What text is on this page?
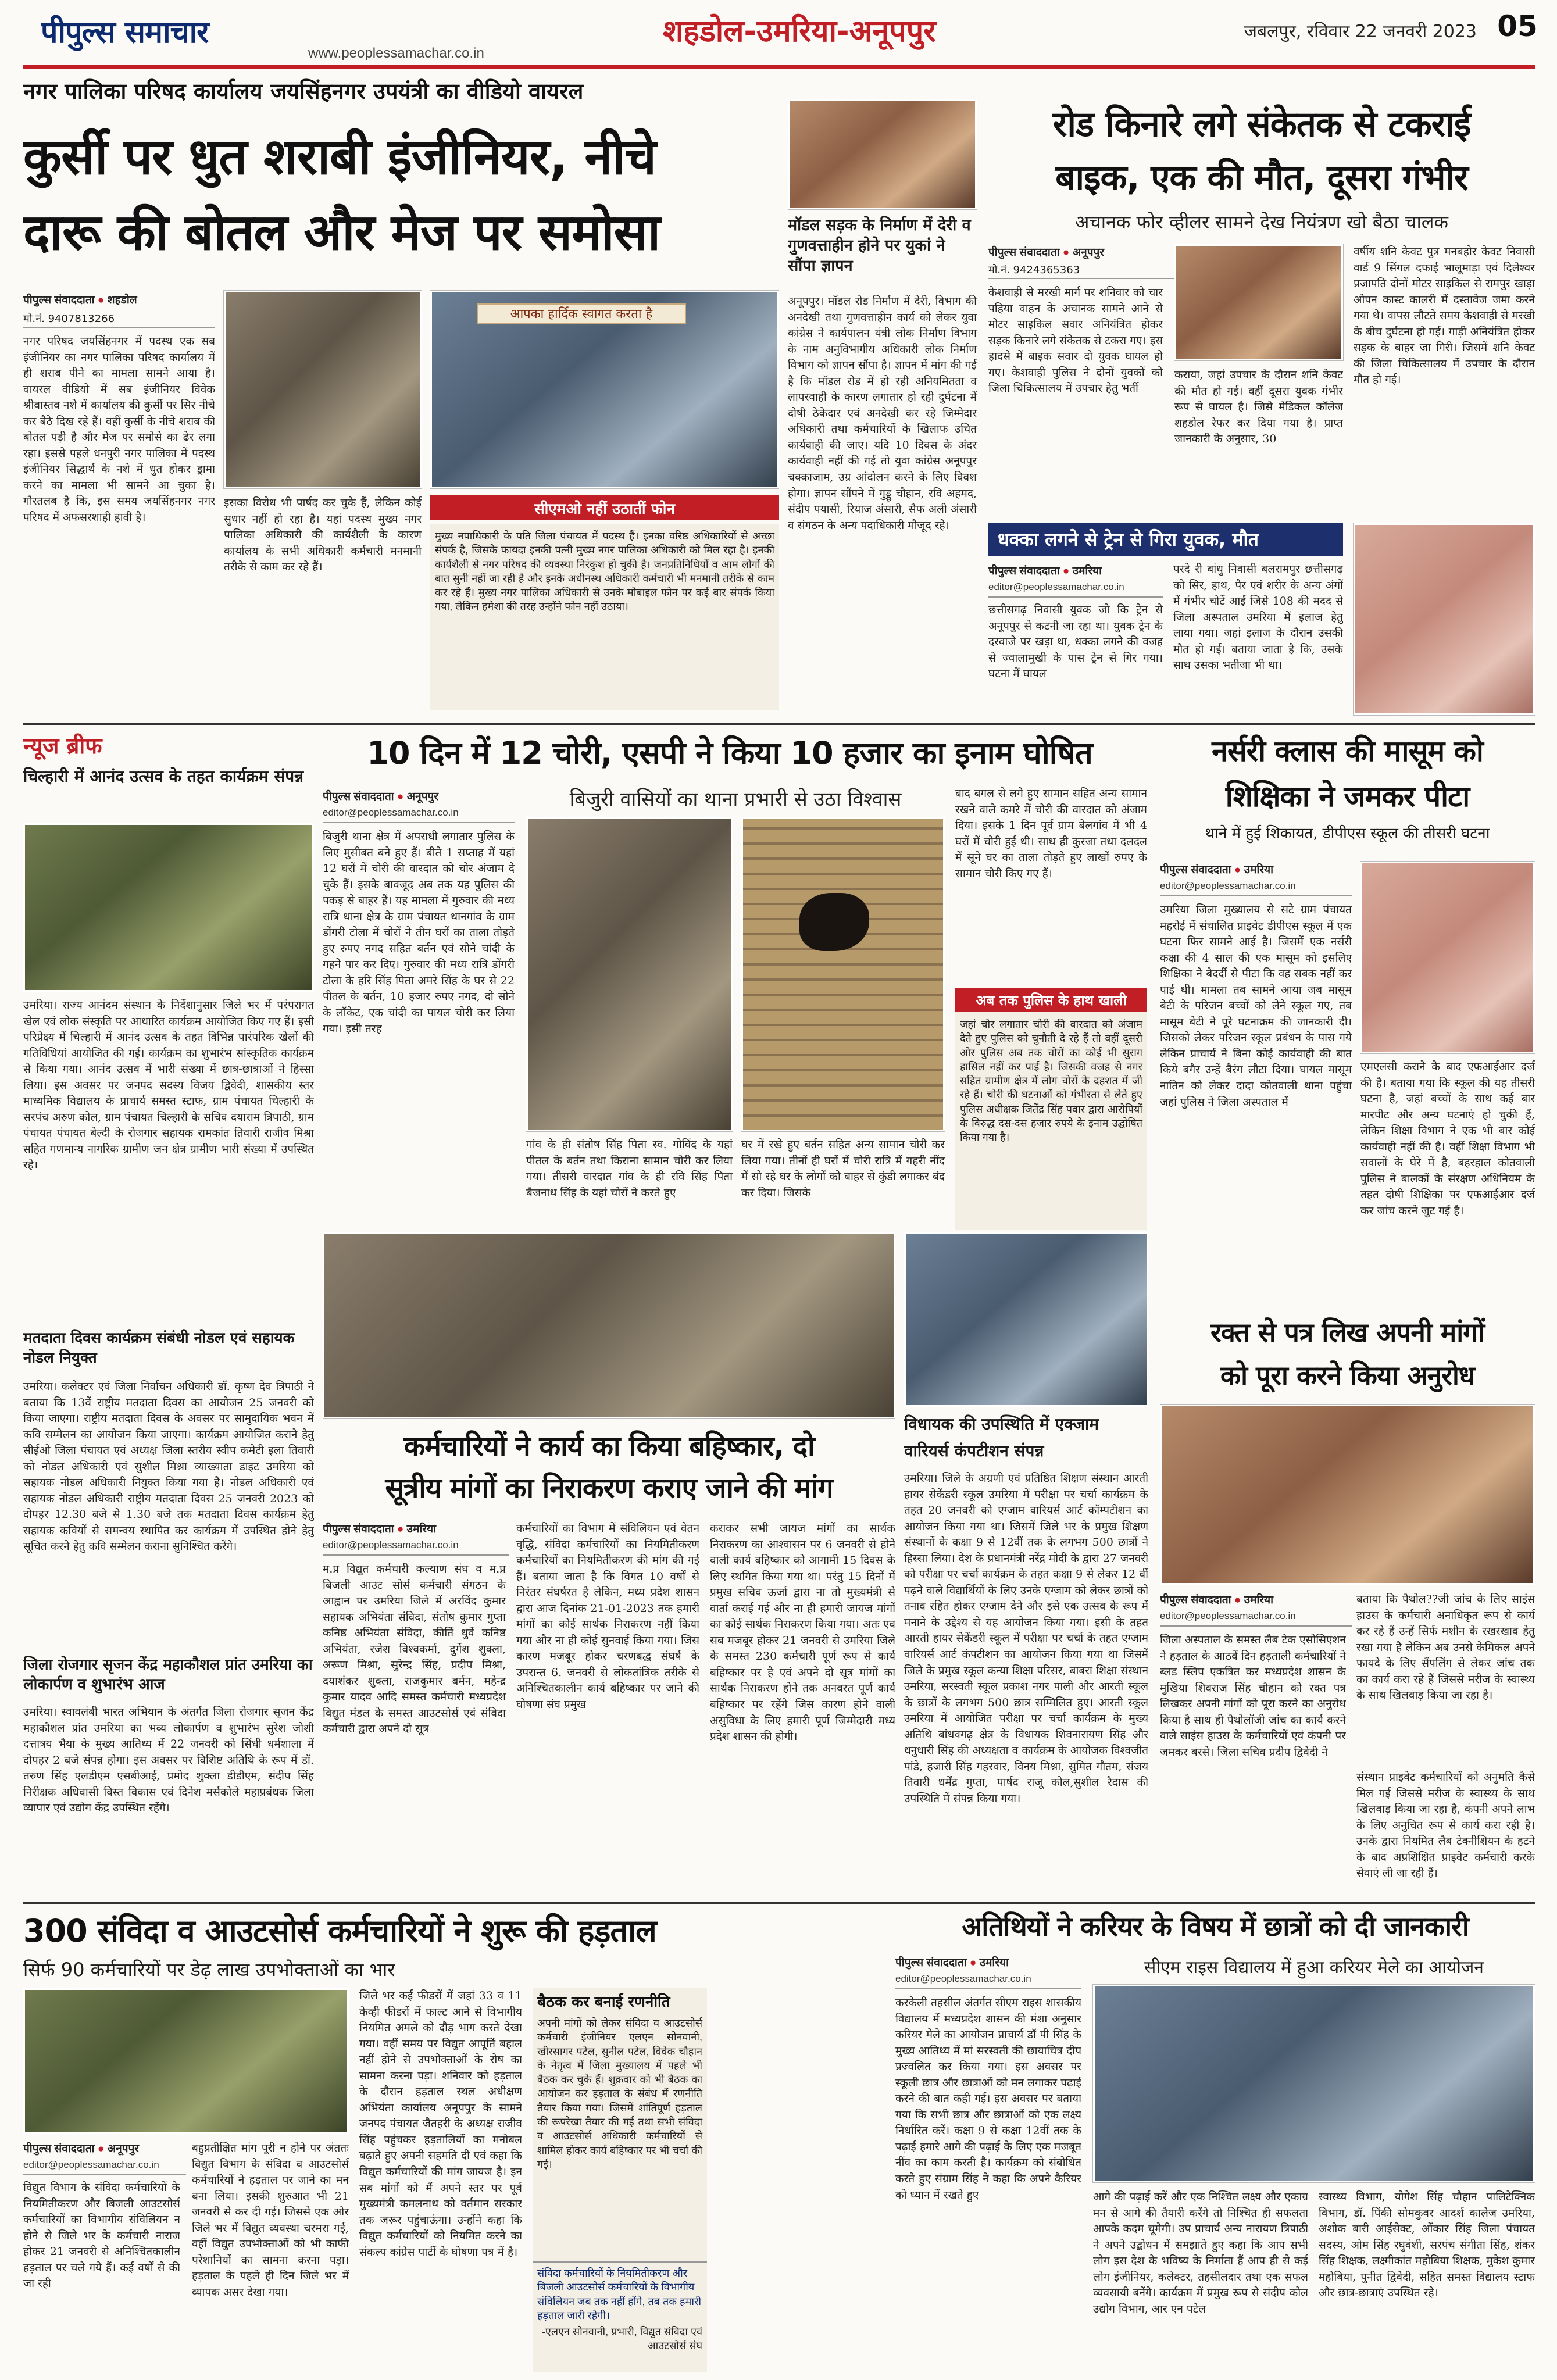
पीपुल्स समाचार
www.peoplessamachar.co.in
शहडोल-उमरिया-अनूपपुर	जबलपुर, रविवार 22 जनवरी 2023 05
नगर पालिका परिषद कार्यालय जयसिंहनगर उपयंत्री का वीडियो वायरल
कुर्सी पर धुत शराबी इंजीनियर, नीचे
दारू की बोतल और मेज पर समोसा
पीपुल्स संवाददाता ● शहडोल
मो.नं. 9407813266
नगर परिषद जयसिंहनगर में पदस्थ एक सब इंजीनियर का नगर पालिका परिषद कार्यालय में ही शराब पीने का मामला सामने आया है। वायरल वीडियो में सब इंजीनियर विवेक श्रीवास्तव नशे में कार्यालय की कुर्सी पर सिर नीचे कर बैठे दिख रहे हैं। वहीं कुर्सी के नीचे शराब की बोतल पड़ी है और मेज पर समोसे का ढेर लगा रहा। इससे पहले धनपुरी नगर पालिका में पदस्थ इंजीनियर सिद्धार्थ के नशे में धुत होकर ड्रामा करने का मामला भी सामने आ चुका है। गौरतलब है कि, इस समय जयसिंहनगर नगर परिषद में अफसरशाही हावी है।
आपका हार्दिक स्वागत करता है
इसका विरोध भी पार्षद कर चुके हैं, लेकिन कोई सुधार नहीं हो रहा है। यहां पदस्थ मुख्य नगर पालिका अधिकारी की कार्यशैली के कारण कार्यालय के सभी अधिकारी कर्मचारी मनमानी तरीके से काम कर रहे हैं।
सीएमओ नहीं उठातीं फोन
मुख्य नपाधिकारी के पति जिला पंचायत में पदस्थ हैं। इनका वरिष्ठ अधिकारियों से अच्छा संपर्क है, जिसके फायदा इनकी पत्नी मुख्य नगर पालिका अधिकारी को मिल रहा है। इनकी कार्यशैली से नगर परिषद की व्यवस्था निरंकुश हो चुकी है। जनप्रतिनिधियों व आम लोगों की बात सुनी नहीं जा रही है और इनके अधीनस्थ अधिकारी कर्मचारी भी मनमानी तरीके से काम कर रहे हैं। मुख्य नगर पालिका अधिकारी से उनके मोबाइल फोन पर कई बार संपर्क किया गया, लेकिन हमेशा की तरह उन्होंने फोन नहीं उठाया।
मॉडल सड़क के निर्माण में देरी व गुणवत्ताहीन होने पर युकां ने सौंपा ज्ञापन
अनूपपुर। मॉडल रोड निर्माण में देरी, विभाग की अनदेखी तथा गुणवत्ताहीन कार्य को लेकर युवा कांग्रेस ने कार्यपालन यंत्री लोक निर्माण विभाग के नाम अनुविभागीय अधिकारी लोक निर्माण विभाग को ज्ञापन सौंपा है। ज्ञापन में मांग की गई है कि मॉडल रोड में हो रही अनियमितता व लापरवाही के कारण लगातार हो रही दुर्घटना में दोषी ठेकेदार एवं अनदेखी कर रहे जिम्मेदार अधिकारी तथा कर्मचारियों के खिलाफ उचित कार्यवाही की जाए। यदि 10 दिवस के अंदर कार्यवाही नहीं की गई तो युवा कांग्रेस अनूपपुर चक्काजाम, उग्र आंदोलन करने के लिए विवश होगा। ज्ञापन सौंपने में गुड्डू चौहान, रवि अहमद, संदीप पयासी, रियाज अंसारी, सैफ अली अंसारी व संगठन के अन्य पदाधिकारी मौजूद रहे।
रोड किनारे लगे संकेतक से टकराई
बाइक, एक की मौत, दूसरा गंभीर
अचानक फोर व्हीलर सामने देख नियंत्रण खो बैठा चालक
पीपुल्स संवाददाता ● अनूपपुर
मो.नं. 9424365363
केशवाही से मरखी मार्ग पर शनिवार को चार पहिया वाहन के अचानक सामने आने से मोटर साइकिल सवार अनियंत्रित होकर सड़क किनारे लगे संकेतक से टकरा गए। इस हादसे में बाइक सवार दो युवक घायल हो गए। केशवाही पुलिस ने दोनों युवकों को जिला चिकित्सालय में उपचार हेतु भर्ती
कराया, जहां उपचार के दौरान शनि केवट की मौत हो गई। वहीं दूसरा युवक गंभीर रूप से घायल है। जिसे मेडिकल कॉलेज शहडोल रेफर कर दिया गया है। प्राप्त जानकारी के अनुसार, 30
वर्षीय शनि केवट पुत्र मनबहोर केवट निवासी वार्ड 9 सिंगल दफाई भालूमाड़ा एवं दिलेश्वर प्रजापति दोनों मोटर साइकिल से रामपुर खाड़ा ओपन कास्ट कालरी में दस्तावेज जमा करने गया थे। वापस लौटते समय केशवाही से मरखी के बीच दुर्घटना हो गई। गाड़ी अनियंत्रित होकर सड़क के बाहर जा गिरी। जिसमें शनि केवट की जिला चिकित्सालय में उपचार के दौरान मौत हो गई।
धक्का लगने से ट्रेन से गिरा युवक, मौत
पीपुल्स संवाददाता ● उमरिया
editor@peoplessamachar.co.in
छत्तीसगढ़ निवासी युवक जो कि ट्रेन से अनूपपुर से कटनी जा रहा था। युवक ट्रेन के दरवाजे पर खड़ा था, धक्का लगने की वजह से ज्वालामुखी के पास ट्रेन से गिर गया। घटना में घायल
परदे री बांधु निवासी बलरामपुर छत्तीसगढ़ को सिर, हाथ, पैर एवं शरीर के अन्य अंगों में गंभीर चोटें आईं जिसे 108 की मदद से जिला अस्पताल उमरिया में इलाज हेतु लाया गया। जहां इलाज के दौरान उसकी मौत हो गई। बताया जाता है कि, उसके साथ उसका भतीजा भी था।
न्यूज ब्रीफ
चिल्हारी में आनंद उत्सव के तहत कार्यक्रम संपन्न
उमरिया। राज्य आनंदम संस्थान के निर्देशानुसार जिले भर में परंपरागत खेल एवं लोक संस्कृति पर आधारित कार्यक्रम आयोजित किए गए हैं। इसी परिप्रेक्ष्य में चिल्हारी में आनंद उत्सव के तहत विभिन्न पारंपरिक खेलों की गतिविधियां आयोजित की गई। कार्यक्रम का शुभारंभ सांस्कृतिक कार्यक्रम से किया गया। आनंद उत्सव में भारी संख्या में छात्र-छात्राओं ने हिस्सा लिया। इस अवसर पर जनपद सदस्य विजय द्विवेदी, शासकीय स्तर माध्यमिक विद्यालय के प्राचार्य समस्त स्टाफ, ग्राम पंचायत चिल्हारी के सरपंच अरुण कोल, ग्राम पंचायत चिल्हारी के सचिव दयाराम त्रिपाठी, ग्राम पंचायत पंचायत बेल्दी के रोजगार सहायक रामकांत तिवारी राजीव मिश्रा सहित गणमान्य नागरिक ग्रामीण जन क्षेत्र ग्रामीण भारी संख्या में उपस्थित रहे।
मतदाता दिवस कार्यक्रम संबंधी नोडल एवं सहायक नोडल नियुक्त
उमरिया। कलेक्टर एवं जिला निर्वाचन अधिकारी डॉ. कृष्ण देव त्रिपाठी ने बताया कि 13वें राष्ट्रीय मतदाता दिवस का आयोजन 25 जनवरी को किया जाएगा। राष्ट्रीय मतदाता दिवस के अवसर पर सामुदायिक भवन में कवि सम्मेलन का आयोजन किया जाएगा। कार्यक्रम आयोजित कराने हेतु सीईओ जिला पंचायत एवं अध्यक्ष जिला स्तरीय स्वीप कमेटी इला तिवारी को नोडल अधिकारी एवं सुशील मिश्रा व्याख्याता डाइट उमरिया को सहायक नोडल अधिकारी नियुक्त किया गया है। नोडल अधिकारी एवं सहायक नोडल अधिकारी राष्ट्रीय मतदाता दिवस 25 जनवरी 2023 को दोपहर 12.30 बजे से 1.30 बजे तक मतदाता दिवस कार्यक्रम हेतु सहायक कवियों से समन्वय स्थापित कर कार्यक्रम में उपस्थित होने हेतु सूचित करने हेतु कवि सम्मेलन कराना सुनिश्चित करेंगे।
जिला रोजगार सृजन केंद्र महाकौशल प्रांत उमरिया का लोकार्पण व शुभारंभ आज
उमरिया। स्वावलंबी भारत अभियान के अंतर्गत जिला रोजगार सृजन केंद्र महाकौशल प्रांत उमरिया का भव्य लोकार्पण व शुभारंभ सुरेश जोशी दत्तात्रय भैया के मुख्य आतिथ्य में 22 जनवरी को सिंधी धर्मशाला में दोपहर 2 बजे संपन्न होगा। इस अवसर पर विशिष्ट अतिथि के रूप में डॉ. तरुण सिंह एलडीएम एसबीआई, प्रमोद शुक्ला डीडीएम, संदीप सिंह निरीक्षक अधिवासी विस्त विकास एवं दिनेश मर्सकोले महाप्रबंधक जिला व्यापार एवं उद्योग केंद्र उपस्थित रहेंगे।
10 दिन में 12 चोरी, एसपी ने किया 10 हजार का इनाम घोषित
पीपुल्स संवाददाता ● अनूपपुर
editor@peoplessamachar.co.in
बिजुरी वासियों का थाना प्रभारी से उठा विश्वास
बिजुरी थाना क्षेत्र में अपराधी लगातार पुलिस के लिए मुसीबत बने हुए हैं। बीते 1 सप्ताह में यहां 12 घरों में चोरी की वारदात को चोर अंजाम दे चुके हैं। इसके बावजूद अब तक यह पुलिस की पकड़ से बाहर हैं। यह मामला में गुरुवार की मध्य रात्रि थाना क्षेत्र के ग्राम पंचायत थानगांव के ग्राम डोंगरी टोला में चोरों ने तीन घरों का ताला तोड़ते हुए रुपए नगद सहित बर्तन एवं सोने चांदी के गहने पार कर दिए। गुरुवार की मध्य रात्रि डोंगरी टोला के हरि सिंह पिता अमरे सिंह के घर से 22 पीतल के बर्तन, 10 हजार रुपए नगद, दो सोने के लॉकेट, एक चांदी का पायल चोरी कर लिया गया। इसी तरह
गांव के ही संतोष सिंह पिता स्व. गोविंद के यहां पीतल के बर्तन तथा किराना सामान चोरी कर लिया गया। तीसरी वारदात गांव के ही रवि सिंह पिता बैजनाथ सिंह के यहां चोरों ने करते हुए
घर में रखे हुए बर्तन सहित अन्य सामान चोरी कर लिया गया। तीनों ही घरों में चोरी रात्रि में गहरी नींद में सो रहे घर के लोगों को बाहर से कुंडी लगाकर बंद कर दिया। जिसके
बाद बगल से लगे हुए सामान सहित अन्य सामान रखने वाले कमरे में चोरी की वारदात को अंजाम दिया। इसके 1 दिन पूर्व ग्राम बेलगांव में भी 4 घरों में चोरी हुई थी। साथ ही कुरजा तथा दलदल में सूने घर का ताला तोड़ते हुए लाखों रुपए के सामान चोरी किए गए हैं।
अब तक पुलिस के हाथ खाली
जहां चोर लगातार चोरी की वारदात को अंजाम देते हुए पुलिस को चुनौती दे रहे हैं तो वहीं दूसरी ओर पुलिस अब तक चोरों का कोई भी सुराग हासिल नहीं कर पाई है। जिसकी वजह से नगर सहित ग्रामीण क्षेत्र में लोग चोरों के दहशत में जी रहे हैं। चोरी की घटनाओं को गंभीरता से लेते हुए पुलिस अधीक्षक जितेंद्र सिंह पवार द्वारा आरोपियों के विरुद्ध दस-दस हजार रुपये के इनाम उद्घोषित किया गया है।
नर्सरी क्लास की मासूम को
शिक्षिका ने जमकर पीटा
थाने में हुई शिकायत, डीपीएस स्कूल की तीसरी घटना
पीपुल्स संवाददाता ● उमरिया
editor@peoplessamachar.co.in
उमरिया जिला मुख्यालय से सटे ग्राम पंचायत महरोई में संचालित प्राइवेट डीपीएस स्कूल में एक घटना फिर सामने आई है। जिसमें एक नर्सरी कक्षा की 4 साल की एक मासूम को इसलिए शिक्षिका ने बेदर्दी से पीटा कि वह सबक नहीं कर पाई थी। मामला तब सामने आया जब मासूम बेटी के परिजन बच्चों को लेने स्कूल गए, तब मासूम बेटी ने पूरे घटनाक्रम की जानकारी दी। जिसको लेकर परिजन स्कूल प्रबंधन के पास गये लेकिन प्राचार्य ने बिना कोई कार्यवाही की बात किये बगैर उन्हें बैरंग लौटा दिया। घायल मासूम नातिन को लेकर दादा कोतवाली थाना पहुंचा जहां पुलिस ने जिला अस्पताल में
एमएलसी कराने के बाद एफआईआर दर्ज की है। बताया गया कि स्कूल की यह तीसरी घटना है, जहां बच्चों के साथ कई बार मारपीट और अन्य घटनाएं हो चुकी हैं, लेकिन शिक्षा विभाग ने एक भी बार कोई कार्यवाही नहीं की है। वहीं शिक्षा विभाग भी सवालों के घेरे में है, बहरहाल कोतवाली पुलिस ने बालकों के संरक्षण अधिनियम के तहत दोषी शिक्षिका पर एफआईआर दर्ज कर जांच करने जुट गई है।
विधायक की उपस्थिति में एक्जाम
वारियर्स कंपटीशन संपन्न
उमरिया। जिले के अग्रणी एवं प्रतिष्ठित शिक्षण संस्थान आरती हायर सेकेंडरी स्कूल उमरिया में परीक्षा पर चर्चा कार्यक्रम के तहत 20 जनवरी को एग्जाम वारियर्स आर्ट कॉम्पटीशन का आयोजन किया गया था। जिसमें जिले भर के प्रमुख शिक्षण संस्थानों के कक्षा 9 से 12वीं तक के लगभग 500 छात्रों ने हिस्सा लिया। देश के प्रधानमंत्री नरेंद्र मोदी के द्वारा 27 जनवरी को परीक्षा पर चर्चा कार्यक्रम के तहत कक्षा 9 से लेकर 12 वीं पढ़ने वाले विद्यार्थियों के लिए उनके एग्जाम को लेकर छात्रों को तनाव रहित होकर एग्जाम देने और इसे एक उत्सव के रूप में मनाने के उद्देश्य से यह आयोजन किया गया। इसी के तहत आरती हायर सेकेंडरी स्कूल में परीक्षा पर चर्चा के तहत एग्जाम वारियर्स आर्ट कंपटीशन का आयोजन किया गया था जिसमें जिले के प्रमुख स्कूल कन्या शिक्षा परिसर, बाबरा शिक्षा संस्थान उमरिया, सरस्वती स्कूल प्रकाश नगर पाली और आरती स्कूल के छात्रों के लगभग 500 छात्र सम्मिलित हुए। आरती स्कूल उमरिया में आयोजित परीक्षा पर चर्चा कार्यक्रम के मुख्य अतिथि बांधवगढ़ क्षेत्र के विधायक शिवनारायण सिंह और धनुधारी सिंह की अध्यक्षता व कार्यक्रम के आयोजक विश्वजीत पांडे, हजारी सिंह गहरवार, विनय मिश्रा, सुमित गौतम, संजय तिवारी धर्मेंद्र गुप्ता, पार्षद राजू कोल,सुशील रैदास की उपस्थिति में संपन्न किया गया।
कर्मचारियों ने कार्य का किया बहिष्कार, दो
सूत्रीय मांगों का निराकरण कराए जाने की मांग
पीपुल्स संवाददाता ● उमरिया
editor@peoplessamachar.co.in
म.प्र विद्युत कर्मचारी कल्याण संघ व म.प्र बिजली आउट सोर्स कर्मचारी संगठन के आह्वान पर उमरिया जिले में अरविंद कुमार सहायक अभियंता संविदा, संतोष कुमार गुप्ता कनिष्ठ अभियंता संविदा, कीर्ति धुर्वे कनिष्ठ अभियंता, रजेश विश्वकर्मा, दुर्गेश शुक्ला, अरूण मिश्रा, सुरेन्द्र सिंह, प्रदीप मिश्रा, दयाशंकर शुक्ला, राजकुमार बर्मन, महेन्द्र कुमार यादव आदि समस्त कर्मचारी मध्यप्रदेश विद्युत मंडल के समस्त आउटसोर्स एवं संविदा कर्मचारी द्वारा अपने दो सूत्र
कर्मचारियों का विभाग में संविलियन एवं वेतन वृद्धि, संविदा कर्मचारियों का नियमितीकरण कर्मचारियों का नियमितीकरण की मांग की गई हैं। बताया जाता है कि विगत 10 वर्षों से निरंतर संघर्षरत है लेकिन, मध्य प्रदेश शासन द्वारा आज दिनांक 21-01-2023 तक हमारी मांगों का कोई सार्थक निराकरण नहीं किया गया और ना ही कोई सुनवाई किया गया। जिस कारण मजबूर होकर चरणबद्ध संघर्ष के उपरान्त 6. जनवरी से लोकतांत्रिक तरीके से अनिश्चितकालीन कार्य बहिष्कार पर जाने की घोषणा संघ प्रमुख
कराकर सभी जायज मांगों का सार्थक निराकरण का आश्वासन पर 6 जनवरी से होने वाली कार्य बहिष्कार को आगामी 15 दिवस के लिए स्थगित किया गया था। परंतु 15 दिनों में प्रमुख सचिव ऊर्जा द्वारा ना तो मुख्यमंत्री से वार्ता कराई गई और ना ही हमारी जायज मांगों का कोई सार्थक निराकरण किया गया। अतः एव सब मजबूर होकर 21 जनवरी से उमरिया जिले के समस्त 230 कर्मचारी पूर्ण रूप से कार्य बहिष्कार पर है एवं अपने दो सूत्र मांगों का सार्थक निराकरण होने तक अनवरत पूर्ण कार्य बहिष्कार पर रहेंगे जिस कारण होने वाली असुविधा के लिए हमारी पूर्ण जिम्मेदारी मध्य प्रदेश शासन की होगी।
रक्त से पत्र लिख अपनी मांगों
को पूरा करने किया अनुरोध
पीपुल्स संवाददाता ● उमरिया
editor@peoplessamachar.co.in
जिला अस्पताल के समस्त लैब टेक एसोसिएशन ने हड़ताल के आठवें दिन हड़ताली कर्मचारियों ने ब्लड स्लिप एकत्रित कर मध्यप्रदेश शासन के मुखिया शिवराज सिंह चौहान को रक्त पत्र लिखकर अपनी मांगों को पूरा करने का अनुरोध किया है साथ ही पैथोलॉजी जांच का कार्य करने वाले साइंस हाउस के कर्मचारियों एवं कंपनी पर जमकर बरसे। जिला सचिव प्रदीप द्विवेदी ने
बताया कि पैथोल??जी जांच के लिए साइंस हाउस के कर्मचारी अनाधिकृत रूप से कार्य कर रहे हैं उन्हें सिर्फ मशीन के रखरखाव हेतु रखा गया है लेकिन अब उनसे केमिकल अपने फायदे के लिए सैंपलिंग से लेकर जांच तक का कार्य करा रहे हैं जिससे मरीज के स्वास्थ्य के साथ खिलवाड़ किया जा रहा है।
संस्थान प्राइवेट कर्मचारियों को अनुमति कैसे मिल गई जिससे मरीज के स्वास्थ्य के साथ खिलवाड़ किया जा रहा है, कंपनी अपने लाभ के लिए अनुचित रूप से कार्य करा रही है। उनके द्वारा नियमित लैब टेक्नीशियन के हटने के बाद अप्रशिक्षित प्राइवेट कर्मचारी करके सेवाएं ली जा रही हैं।
300 संविदा व आउटसोर्स कर्मचारियों ने शुरू की हड़ताल
सिर्फ 90 कर्मचारियों पर डेढ़ लाख उपभोक्ताओं का भार
पीपुल्स संवाददाता ● अनूपपुर
editor@peoplessamachar.co.in
विद्युत विभाग के संविदा कर्मचारियों के नियमितीकरण और बिजली आउटसोर्स कर्मचारियों का विभागीय संविलियन न होने से जिले भर के कर्मचारी नाराज होकर 21 जनवरी से अनिश्चितकालीन हड़ताल पर चले गये हैं। कई वर्षों से की जा रही
बहुप्रतीक्षित मांग पूरी न होने पर अंततः विद्युत विभाग के संविदा व आउटसोर्स कर्मचारियों ने हड़ताल पर जाने का मन बना लिया। इसकी शुरुआत भी 21 जनवरी से कर दी गई। जिससे एक ओर जिले भर में विद्युत व्यवस्था चरमरा गई, वहीं विद्युत उपभोक्ताओं को भी काफी परेशानियों का सामना करना पड़ा। हड़ताल के पहले ही दिन जिले भर में व्यापक असर देखा गया।
जिले भर कई फीडरों में जहां 33 व 11 केव्ही फीडरों में फाल्ट आने से विभागीय नियमित अमले को दौड़ भाग करते देखा गया। वहीं समय पर विद्युत आपूर्ति बहाल नहीं होने से उपभोक्ताओं के रोष का सामना करना पड़ा। शनिवार को हड़ताल के दौरान हड़ताल स्थल अधीक्षण अभियंता कार्यालय अनूपपुर के सामने जनपद पंचायत जैतहरी के अध्यक्ष राजीव सिंह पहुंचकर हड़तालियों का मनोबल बढ़ाते हुए अपनी सहमति दी एवं कहा कि विद्युत कर्मचारियों की मांग जायज है। इन सब मांगों को मैं अपने स्तर पर पूर्व मुख्यमंत्री कमलनाथ को वर्तमान सरकार तक जरूर पहुंचाऊंगा। उन्होंने कहा कि विद्युत कर्मचारियों को नियमित करने का संकल्प कांग्रेस पार्टी के घोषणा पत्र में है।
बैठक कर बनाई रणनीति
अपनी मांगों को लेकर संविदा व आउटसोर्स कर्मचारी इंजीनियर एलएन सोनवानी, खीरसागर पटेल, सुनील पटेल, विवेक चौहान के नेतृत्व में जिला मुख्यालय में पहले भी बैठक कर चुके हैं। शुक्रवार को भी बैठक का आयोजन कर हड़ताल के संबंध में रणनीति तैयार किया गया। जिसमें शांतिपूर्ण हड़ताल की रूपरेखा तैयार की गई तथा सभी संविदा व आउटसोर्स अधिकारी कर्मचारियों से शामिल होकर कार्य बहिष्कार पर भी चर्चा की गई।
संविदा कर्मचारियों के नियमितीकरण और बिजली आउटसोर्स कर्मचारियों के विभागीय संविलियन जब तक नहीं होंगे, तब तक हमारी हड़ताल जारी रहेगी।
-एलएन सोनवानी, प्रभारी, विद्युत संविदा एवं आउटसोर्स संघ
अतिथियों ने करियर के विषय में छात्रों को दी जानकारी
सीएम राइस विद्यालय में हुआ करियर मेले का आयोजन
पीपुल्स संवाददाता ● उमरिया
editor@peoplessamachar.co.in
करकेली तहसील अंतर्गत सीएम राइस शासकीय विद्यालय में मध्यप्रदेश शासन की मंशा अनुसार करियर मेले का आयोजन प्राचार्य डॉ पी सिंह के मुख्य आतिथ्य में मां सरस्वती की छायाचित्र दीप प्रज्वलित कर किया गया। इस अवसर पर स्कूली छात्र और छात्राओं को मन लगाकर पढ़ाई करने की बात कही गई। इस अवसर पर बताया गया कि सभी छात्र और छात्राओं को एक लक्ष्य निर्धारित करें। कक्षा 9 से कक्षा 12वीं तक के पढ़ाई हमारे आगे की पढ़ाई के लिए एक मजबूत नींव का काम करती है। कार्यक्रम को संबोधित करते हुए संग्राम सिंह ने कहा कि अपने कैरियर को ध्यान में रखते हुए	आगे की पढ़ाई करें और एक निश्चित लक्ष्य और एकाग्र मन से आगे की तैयारी करेंगे तो निश्चित ही सफलता आपके कदम चूमेगी। उप प्राचार्य अन्य नारायण त्रिपाठी ने अपने उद्बोधन में समझाते हुए कहा कि आप सभी लोग इस देश के भविष्य के निर्माता हैं आप ही से कई लोग इंजीनियर, कलेक्टर, तहसीलदार तथा एक सफल व्यवसायी बनेंगे। कार्यक्रम में प्रमुख रूप से संदीप कोल उद्योग विभाग, आर एन पटेल
स्वास्थ्य विभाग, योगेश सिंह चौहान पालिटेक्निक विभाग, डॉ. पिंकी सोमकुवर आदर्श कालेज उमरिया, अशोक बारी आईसेक्ट, ओंकार सिंह जिला पंचायत सदस्य, ओम सिंह रघुवंशी, सरपंच संगीता सिंह, शंकर सिंह शिक्षक, लक्ष्मीकांत महोबिया शिक्षक, मुकेश कुमार महोबिया, पुनीत द्विवेदी, सहित समस्त विद्यालय स्टाफ और छात्र-छात्राएं उपस्थित रहे।
